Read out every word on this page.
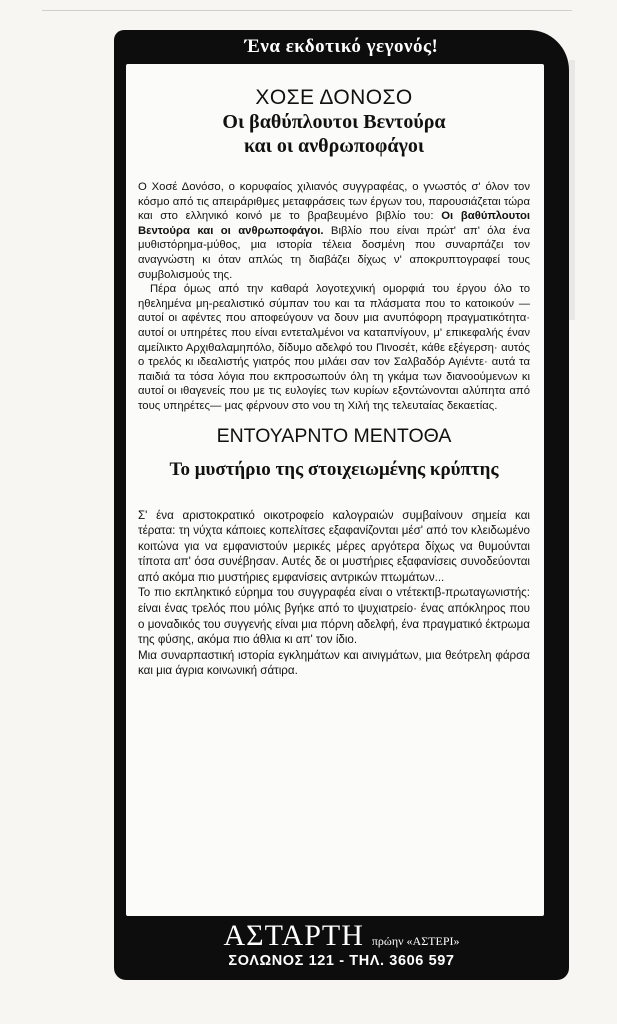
Ένα εκδοτικό γεγονός!
ΧΟΣΕ ΔΟΝΟΣΟ
Οι βαθύπλουτοι Βεντούρα
και οι ανθρωποφάγοι

Ο Χοσέ Δονόσο, ο κορυφαίος χιλιανός συγγραφέας, ο γνωστός σ' όλον τον κόσμο από τις απειράριθμες μεταφράσεις των έργων του, παρουσιάζεται τώρα και στο ελληνικό κοινό με το βραβευμένο βιβλίο του: Οι βαθύπλουτοι Βεντούρα και οι ανθρωποφάγοι. Βιβλίο που είναι πρώτ' απ' όλα ένα μυθιστόρημα-μύθος, μια ιστορία τέλεια δοσμένη που συναρπάζει τον αναγνώστη κι όταν απλώς τη διαβάζει δίχως ν' αποκρυπτογραφεί τους συμβολισμούς της.

Πέρα όμως από την καθαρά λογοτεχνική ομορφιά του έργου όλο το ηθελημένα μη-ρεαλιστικό σύμπαν του και τα πλάσματα που το κατοικούν —αυτοί οι αφέντες που αποφεύγουν να δουν μια ανυπόφορη πραγματικότητα· αυτοί οι υπηρέτες που είναι εντεταλμένοι να καταπνίγουν, μ' επικεφαλής έναν αμείλικτο Αρχιθαλαμηπόλο, δίδυμο αδελφό του Πινοσέτ, κάθε εξέγερση· αυτός ο τρελός κι ιδεαλιστής γιατρός που μιλάει σαν τον Σαλβαδόρ Αγιέντε· αυτά τα παιδιά τα τόσα λόγια που εκπροσωπούν όλη τη γκάμα των διανοούμενων κι αυτοί οι ιθαγενείς που με τις ευλογίες των κυρίων εξοντώνονται αλύπητα από τους υπηρέτες— μας φέρνουν στο νου τη Χιλή της τελευταίας δεκαετίας.

ΕΝΤΟΥΑΡΝΤΟ ΜΕΝΤΟΘΑ
Το μυστήριο της στοιχειωμένης κρύπτης

Σ' ένα αριστοκρατικό οικοτροφείο καλογραιών συμβαίνουν σημεία και τέρατα: τη νύχτα κάποιες κοπελίτσες εξαφανίζονται μέσ' από τον κλειδωμένο κοιτώνα για να εμφανιστούν μερικές μέρες αργότερα δίχως να θυμούνται τίποτα απ' όσα συνέβησαν. Αυτές δε οι μυστήριες εξαφανίσεις συνοδεύονται από ακόμα πιο μυστήριες εμφανίσεις αντρικών πτωμάτων...

Το πιο εκπληκτικό εύρημα του συγγραφέα είναι ο ντέτεκτιβ-πρωταγωνιστής: είναι ένας τρελός που μόλις βγήκε από το ψυχιατρείο· ένας απόκληρος που ο μοναδικός του συγγενής είναι μια πόρνη αδελφή, ένα πραγματικό έκτρωμα της φύσης, ακόμα πιο άθλια κι απ' τον ίδιο.

Μια συναρπαστική ιστορία εγκλημάτων και αινιγμάτων, μια θεότρελη φάρσα και μια άγρια κοινωνική σάτιρα.

ΑΣΤΑΡΤΗ πρώην «ΑΣΤΕΡΙ»
ΣΟΛΩΝΟΣ 121 - ΤΗΛ. 3606 597
